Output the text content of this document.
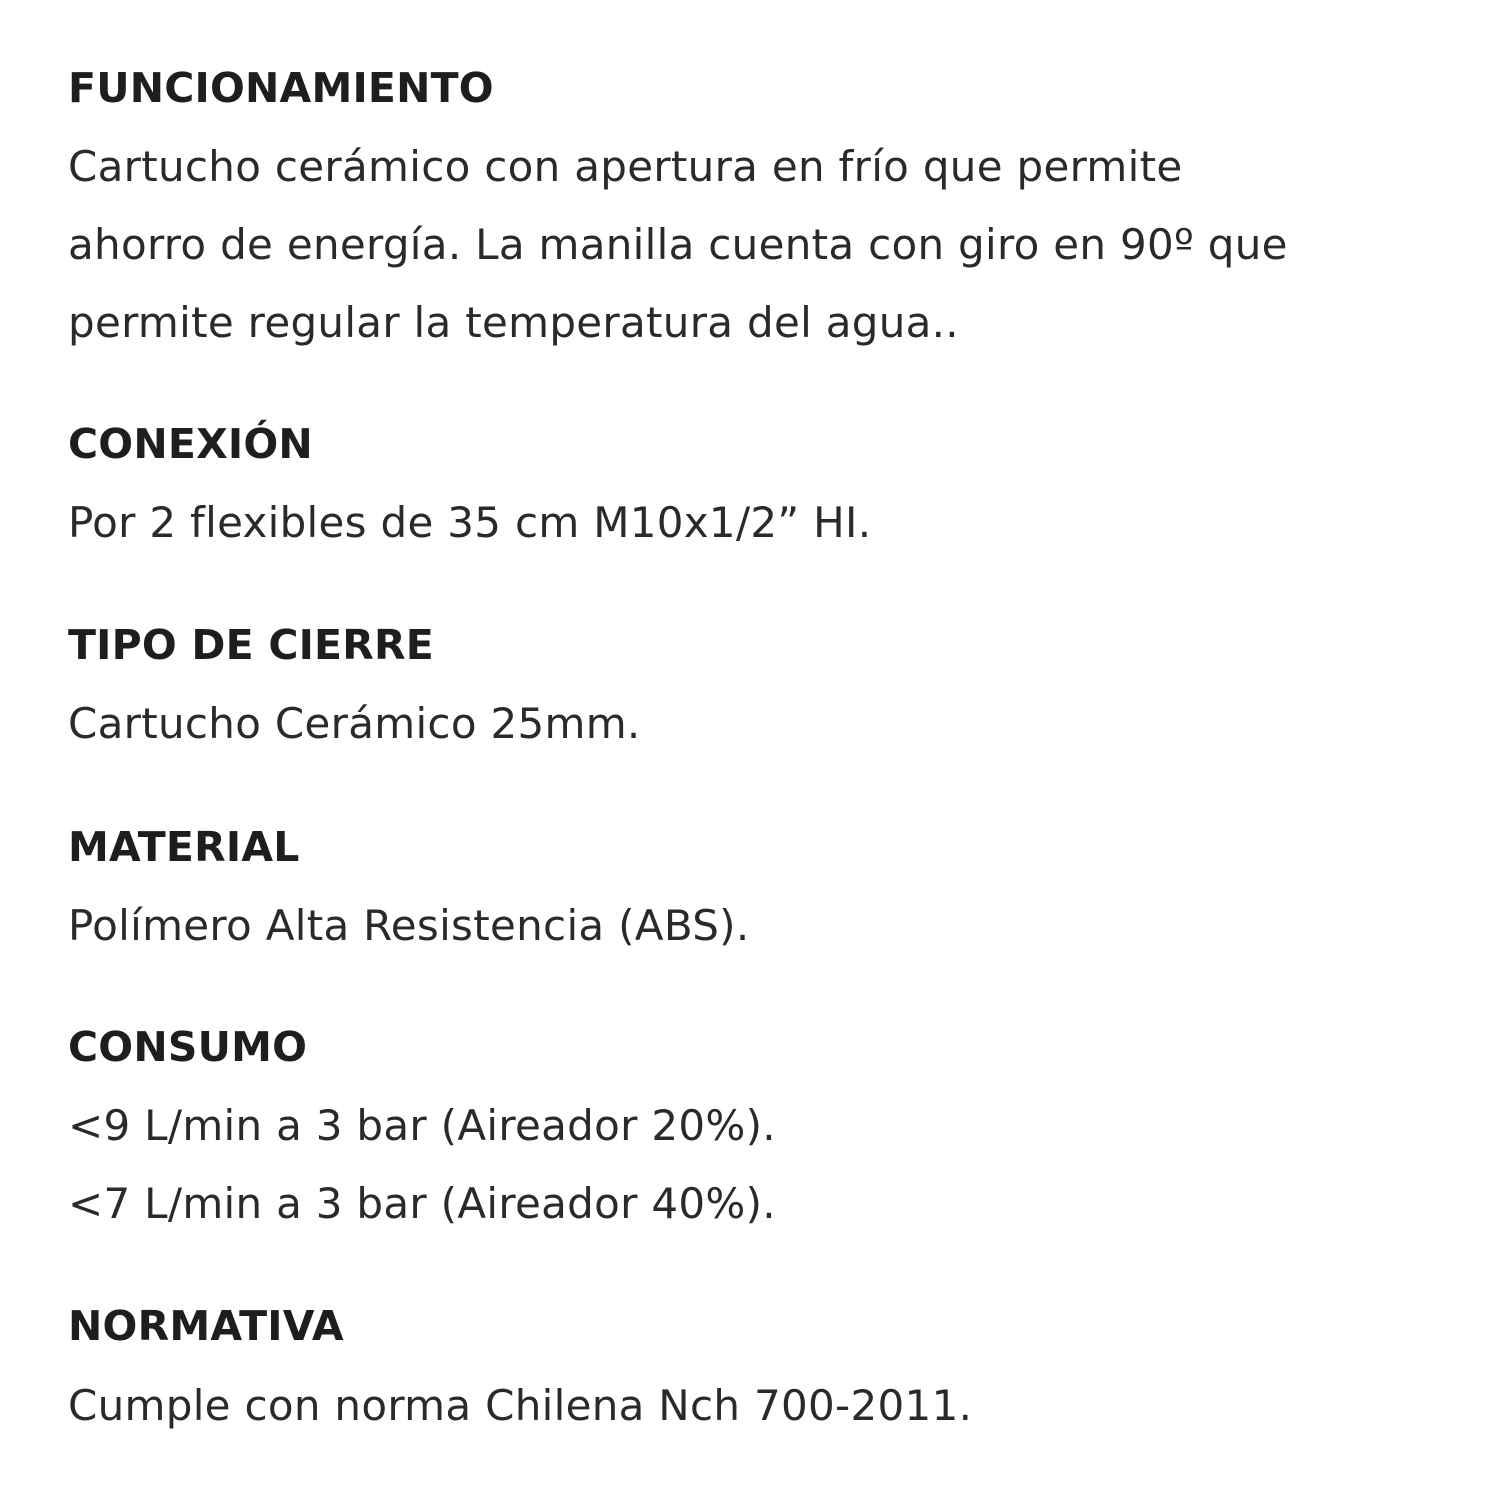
FUNCIONAMIENTO
Cartucho cerámico con apertura en frío que permite
ahorro de energía. La manilla cuenta con giro en 90º que
permite regular la temperatura del agua..
CONEXIÓN
Por 2 flexibles de 35 cm M10x1/2” HI.
TIPO DE CIERRE
Cartucho Cerámico 25mm.
MATERIAL
Polímero Alta Resistencia (ABS).
CONSUMO
<9 L/min a 3 bar (Aireador 20%).
<7 L/min a 3 bar (Aireador 40%).
NORMATIVA
Cumple con norma Chilena Nch 700-2011.
